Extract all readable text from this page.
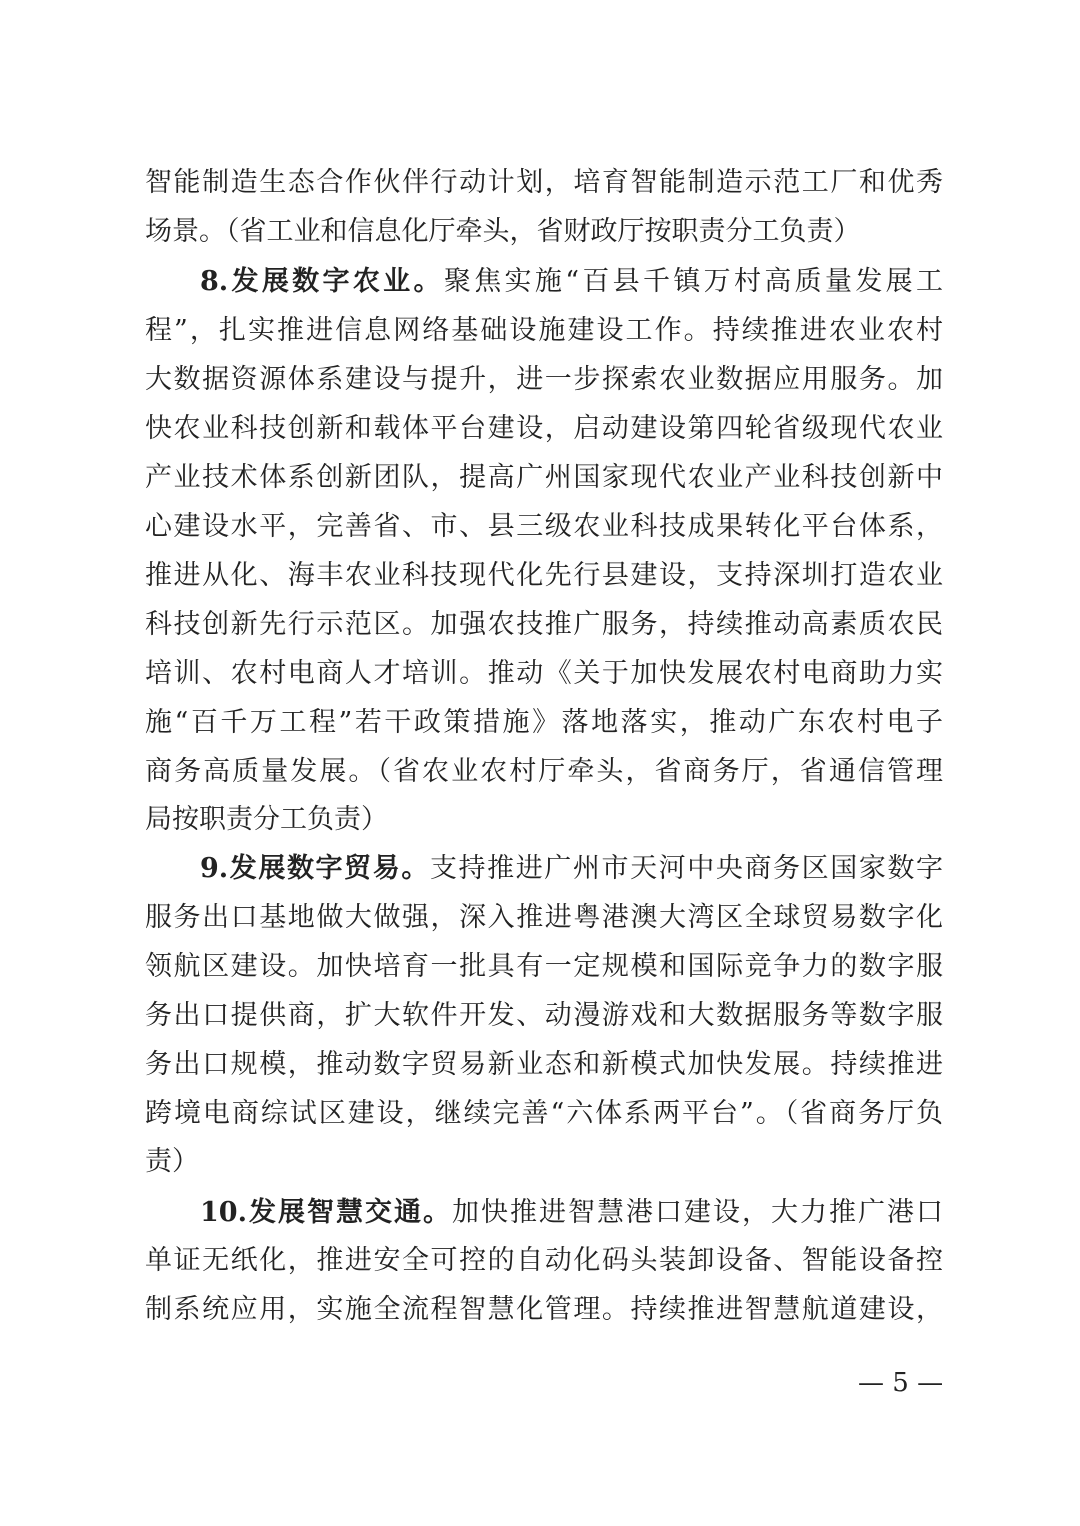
智能制造生态合作伙伴行动计划，培育智能制造示范工厂和优秀
场景。（省工业和信息化厅牵头，省财政厅按职责分工负责）
8.发展数字农业。聚焦实施“百县千镇万村高质量发展工
程”，扎实推进信息网络基础设施建设工作。持续推进农业农村
大数据资源体系建设与提升，进一步探索农业数据应用服务。加
快农业科技创新和载体平台建设，启动建设第四轮省级现代农业
产业技术体系创新团队，提高广州国家现代农业产业科技创新中
心建设水平，完善省、市、县三级农业科技成果转化平台体系，
推进从化、海丰农业科技现代化先行县建设，支持深圳打造农业
科技创新先行示范区。加强农技推广服务，持续推动高素质农民
培训、农村电商人才培训。推动《关于加快发展农村电商助力实
施“百千万工程”若干政策措施》落地落实，推动广东农村电子
商务高质量发展。（省农业农村厅牵头，省商务厅，省通信管理
局按职责分工负责）
9.发展数字贸易。支持推进广州市天河中央商务区国家数字
服务出口基地做大做强，深入推进粤港澳大湾区全球贸易数字化
领航区建设。加快培育一批具有一定规模和国际竞争力的数字服
务出口提供商，扩大软件开发、动漫游戏和大数据服务等数字服
务出口规模，推动数字贸易新业态和新模式加快发展。持续推进
跨境电商综试区建设，继续完善“六体系两平台”。（省商务厅负
责）
10.发展智慧交通。加快推进智慧港口建设，大力推广港口
单证无纸化，推进安全可控的自动化码头装卸设备、智能设备控
制系统应用，实施全流程智慧化管理。持续推进智慧航道建设，
— 5 —
